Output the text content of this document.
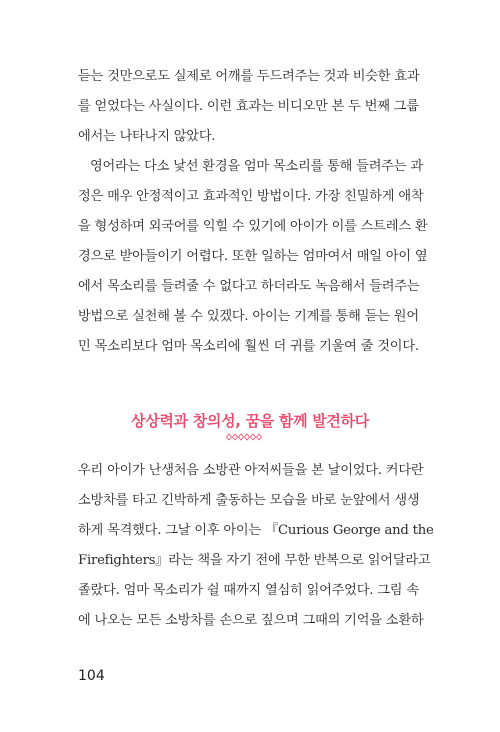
듣는 것만으로도 실제로 어깨를 두드려주는 것과 비슷한 효과
를 얻었다는 사실이다. 이런 효과는 비디오만 본 두 번째 그룹
에서는 나타나지 않았다.
영어라는 다소 낯선 환경을 엄마 목소리를 통해 들려주는 과
정은 매우 안정적이고 효과적인 방법이다. 가장 친밀하게 애착
을 형성하며 외국어를 익힐 수 있기에 아이가 이를 스트레스 환
경으로 받아들이기 어렵다. 또한 일하는 엄마여서 매일 아이 옆
에서 목소리를 들려줄 수 없다고 하더라도 녹음해서 들려주는
방법으로 실천해 볼 수 있겠다. 아이는 기계를 통해 듣는 원어
민 목소리보다 엄마 목소리에 훨씬 더 귀를 기울여 줄 것이다.
상상력과 창의성, 꿈을 함께 발견하다
우리 아이가 난생처음 소방관 아저씨들을 본 날이었다. 커다란
소방차를 타고 긴박하게 출동하는 모습을 바로 눈앞에서 생생
하게 목격했다. 그날 이후 아이는 『Curious George and the
Firefighters』라는 책을 자기 전에 무한 반복으로 읽어달라고
졸랐다. 엄마 목소리가 쉴 때까지 열심히 읽어주었다. 그림 속
에 나오는 모든 소방차를 손으로 짚으며 그때의 기억을 소환하
104
